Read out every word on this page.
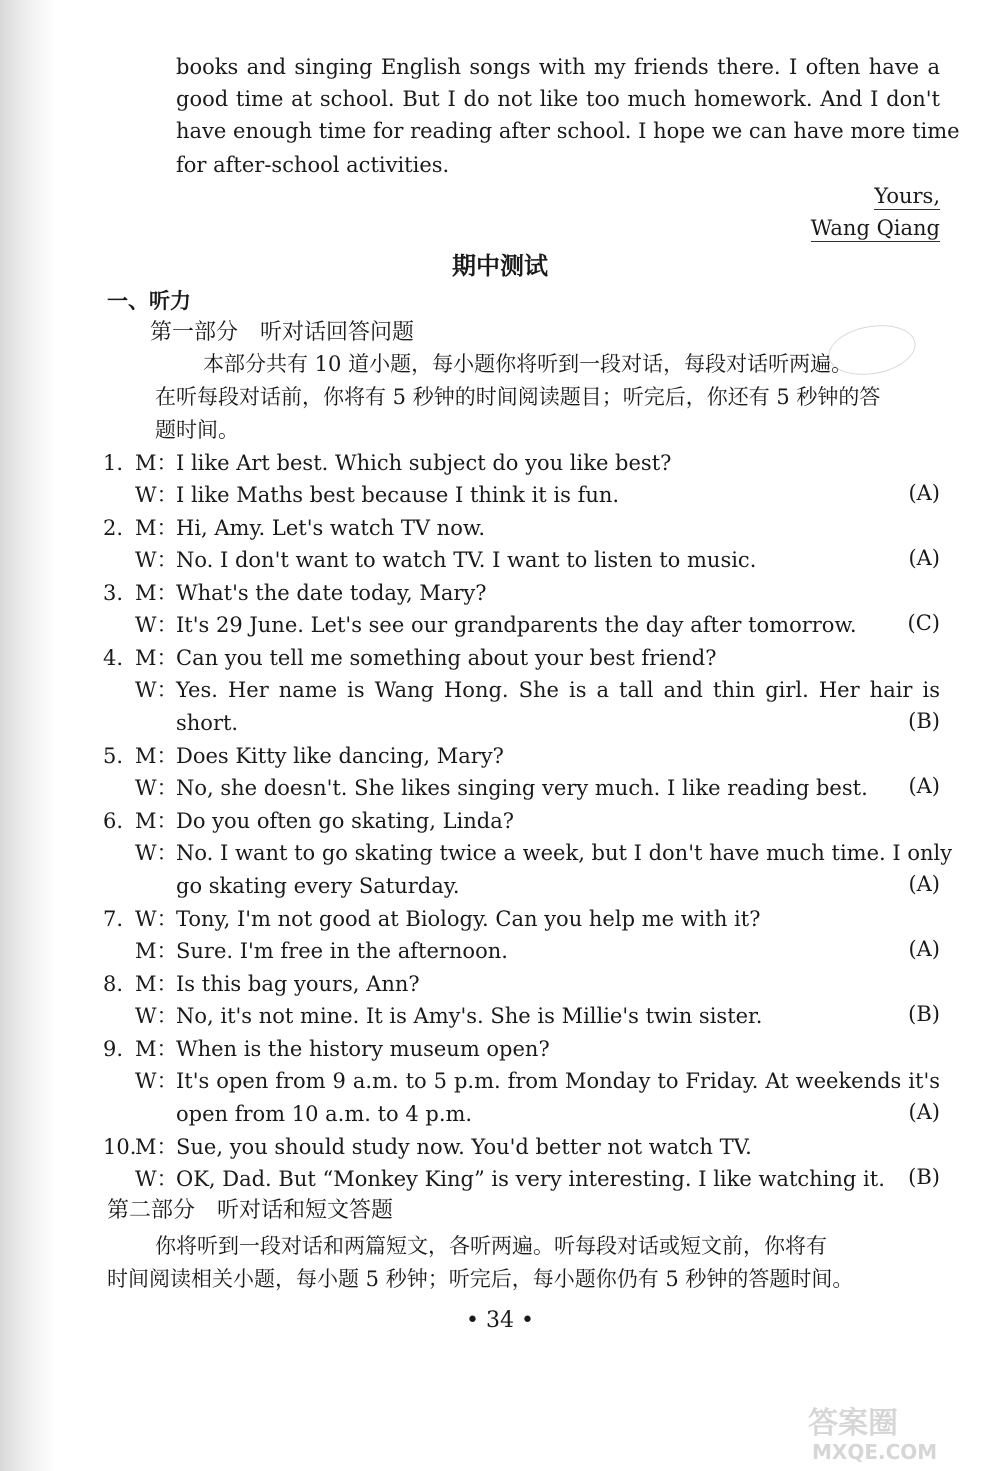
books and singing English songs with my friends there. I often have a
good time at school. But I do not like too much homework. And I don't
have enough time for reading after school. I hope we can have more time
for after-school activities.
Yours,
Wang Qiang
期中测试
一、听力
第一部分　听对话回答问题
本部分共有 10 道小题，每小题你将听到一段对话，每段对话听两遍。
在听每段对话前，你将有 5 秒钟的时间阅读题目；听完后，你还有 5 秒钟的答
题时间。
1. M：
I like Art best. Which subject do you like best?
W：
I like Maths best because I think it is fun.	(A)
2. M：
Hi, Amy. Let's watch TV now.
W：
No. I don't want to watch TV. I want to listen to music.	(A)
3. M：
What's the date today, Mary?
W：
It's 29 June. Let's see our grandparents the day after tomorrow.	(C)
4. M：
Can you tell me something about your best friend?
W：
Yes. Her name is Wang Hong. She is a tall and thin girl. Her hair is
short.	(B)
5. M：
Does Kitty like dancing, Mary?
W：
No, she doesn't. She likes singing very much. I like reading best.	(A)
6. M：
Do you often go skating, Linda?
W：
No. I want to go skating twice a week, but I don't have much time. I only
go skating every Saturday.	(A)
7. W：
Tony, I'm not good at Biology. Can you help me with it?
M：
Sure. I'm free in the afternoon.	(A)
8. M：
Is this bag yours, Ann?
W：
No, it's not mine. It is Amy's. She is Millie's twin sister.	(B)
9. M：
When is the history museum open?
W：
It's open from 9 a.m. to 5 p.m. from Monday to Friday. At weekends it's
open from 10 a.m. to 4 p.m.	(A)
10.
M：
Sue, you should study now. You'd better not watch TV.
W：
OK, Dad. But “Monkey King” is very interesting. I like watching it.	(B)
第二部分　听对话和短文答题
你将听到一段对话和两篇短文，各听两遍。听每段对话或短文前，你将有
时间阅读相关小题，每小题 5 秒钟；听完后，每小题你仍有 5 秒钟的答题时间。
• 34 •
答案圈
MXQE.COM
